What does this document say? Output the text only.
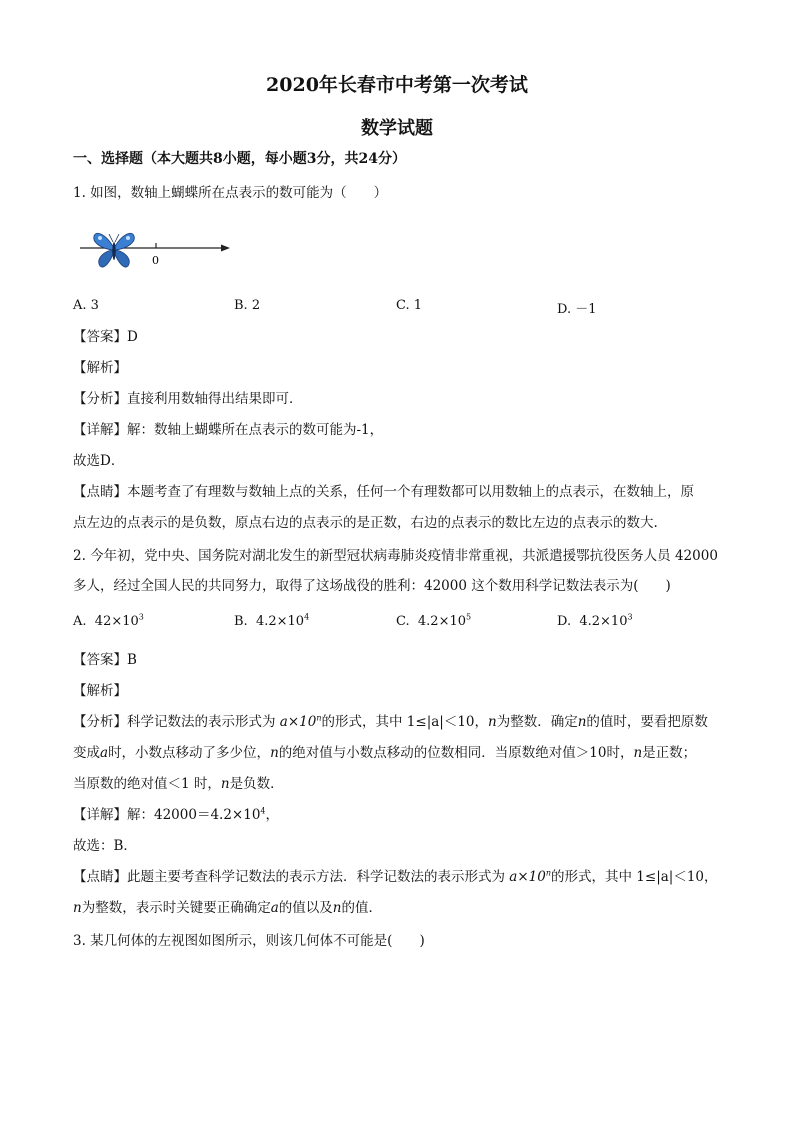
2020年长春市中考第一次考试
数学试题
一、选择题（本大题共8小题，每小题3分，共24分）
1. 如图，数轴上蝴蝶所在点表示的数可能为（　　）
0
A. 3	B. 2	C. 1	D. －1
【答案】D
【解析】
【分析】直接利用数轴得出结果即可．
【详解】解：数轴上蝴蝶所在点表示的数可能为-1，
故选D．
【点睛】本题考查了有理数与数轴上点的关系，任何一个有理数都可以用数轴上的点表示，在数轴上，原
点左边的点表示的是负数，原点右边的点表示的是正数，右边的点表示的数比左边的点表示的数大.
2. 今年初，党中央、国务院对湖北发生的新型冠状病毒肺炎疫情非常重视，共派遣援鄂抗役医务人员 42000
多人，经过全国人民的共同努力，取得了这场战役的胜利：42000 这个数用科学记数法表示为(　　)
A. $42\times 10^3$	B. $4.2\times 10^4$	C. $4.2\times 10^5$	D. $4.2\times 10^3$
【答案】B
【解析】
【分析】科学记数法的表示形式为 $a\times 10^n$的形式，其中 1≤|a|＜10，n为整数．确定n的值时，要看把原数
变成a时，小数点移动了多少位，n的绝对值与小数点移动的位数相同．当原数绝对值＞10时，n是正数；
当原数的绝对值＜1 时，n是负数．
【详解】解：$42000=4.2\times 10^4$，
故选：B．
【点睛】此题主要考查科学记数法的表示方法．科学记数法的表示形式为 $a\times 10^n$的形式，其中 1≤|a|＜10，
n为整数，表示时关键要正确确定a的值以及n的值．
3. 某几何体的左视图如图所示，则该几何体不可能是(　　)
